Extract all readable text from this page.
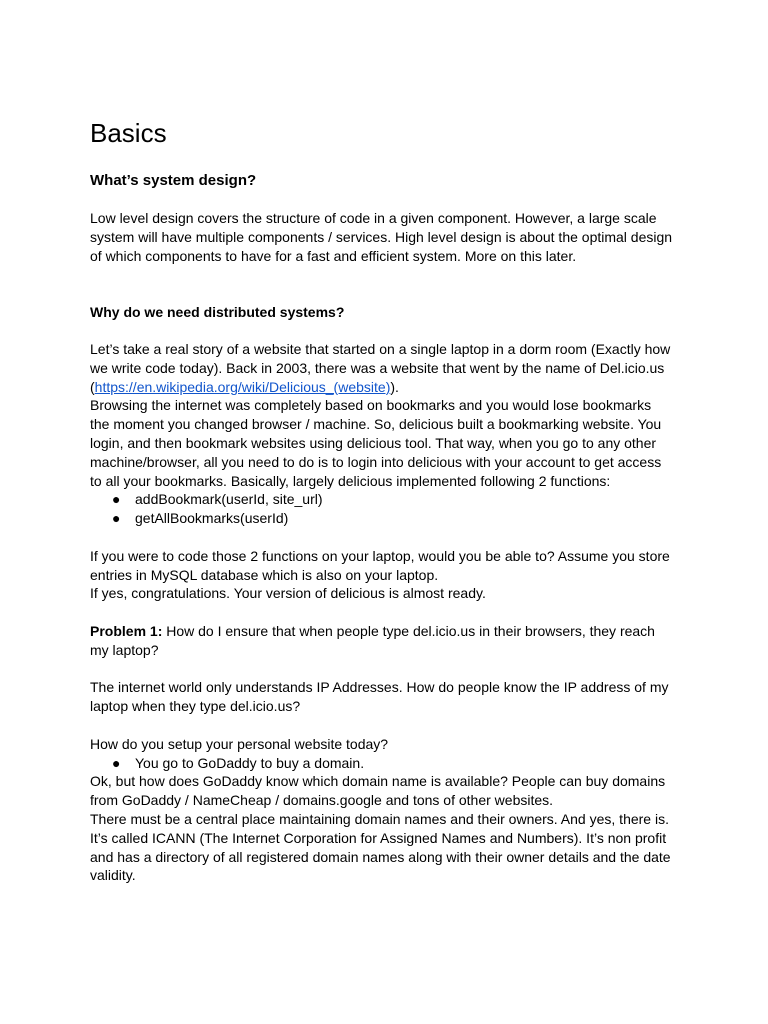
Basics
What’s system design?

Low level design covers the structure of code in a given component. However, a large scale system will have multiple components / services. High level design is about the optimal design of which components to have for a fast and efficient system. More on this later.

Why do we need distributed systems?

Let’s take a real story of a website that started on a single laptop in a dorm room (Exactly how we write code today). Back in 2003, there was a website that went by the name of Del.icio.us (https://en.wikipedia.org/wiki/Delicious_(website)).

Browsing the internet was completely based on bookmarks and you would lose bookmarks the moment you changed browser / machine. So, delicious built a bookmarking website. You login, and then bookmark websites using delicious tool. That way, when you go to any other machine/browser, all you need to do is to login into delicious with your account to get access to all your bookmarks. Basically, largely delicious implemented following 2 functions:

● addBookmark(userId, site_url)
● getAllBookmarks(userId)

If you were to code those 2 functions on your laptop, would you be able to? Assume you store entries in MySQL database which is also on your laptop.

If yes, congratulations. Your version of delicious is almost ready.

Problem 1: How do I ensure that when people type del.icio.us in their browsers, they reach my laptop?

The internet world only understands IP Addresses. How do people know the IP address of my laptop when they type del.icio.us?

How do you setup your personal website today?

● You go to GoDaddy to buy a domain.

Ok, but how does GoDaddy know which domain name is available? People can buy domains from GoDaddy / NameCheap / domains.google and tons of other websites.

There must be a central place maintaining domain names and their owners. And yes, there is. It’s called ICANN (The Internet Corporation for Assigned Names and Numbers). It’s non profit and has a directory of all registered domain names along with their owner details and the date validity.
